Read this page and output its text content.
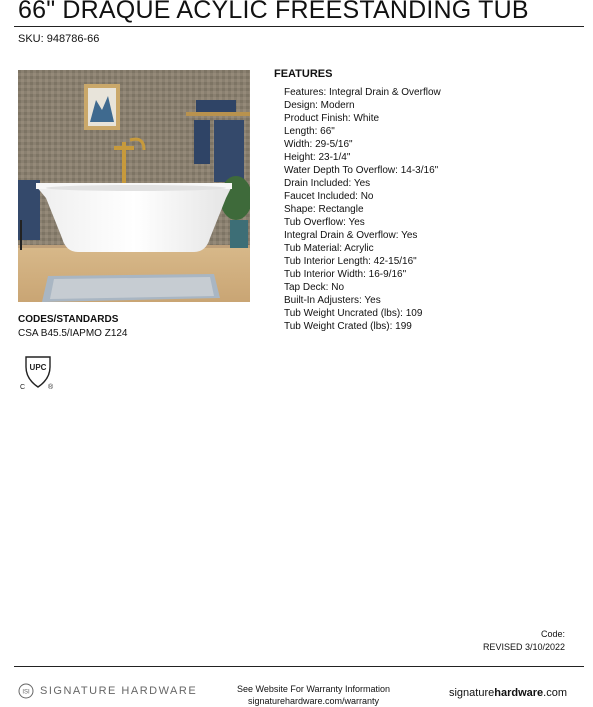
66" DRAQUE ACYLIC FREESTANDING TUB
SKU: 948786-66
FEATURES
Features: Integral Drain & Overflow
Design: Modern
Product Finish: White
Length: 66"
Width: 29-5/16"
Height: 23-1/4"
Water Depth To Overflow: 14-3/16"
Drain Included: Yes
Faucet Included: No
Shape: Rectangle
Tub Overflow: Yes
Integral Drain & Overflow: Yes
Tub Material: Acrylic
Tub Interior Length: 42-15/16"
Tub Interior Width: 16-9/16"
Tap Deck: No
Built-In Adjusters: Yes
Tub Weight Uncrated (lbs): 109
Tub Weight Crated (lbs): 199
CODES/STANDARDS
CSA B45.5/IAPMO Z124
UPC
C	®
Code:
REVISED 3/10/2022
ISI SIGNATURE HARDWARE	See Website For Warranty Information
signaturehardware.com/warranty
signaturehardware.com
